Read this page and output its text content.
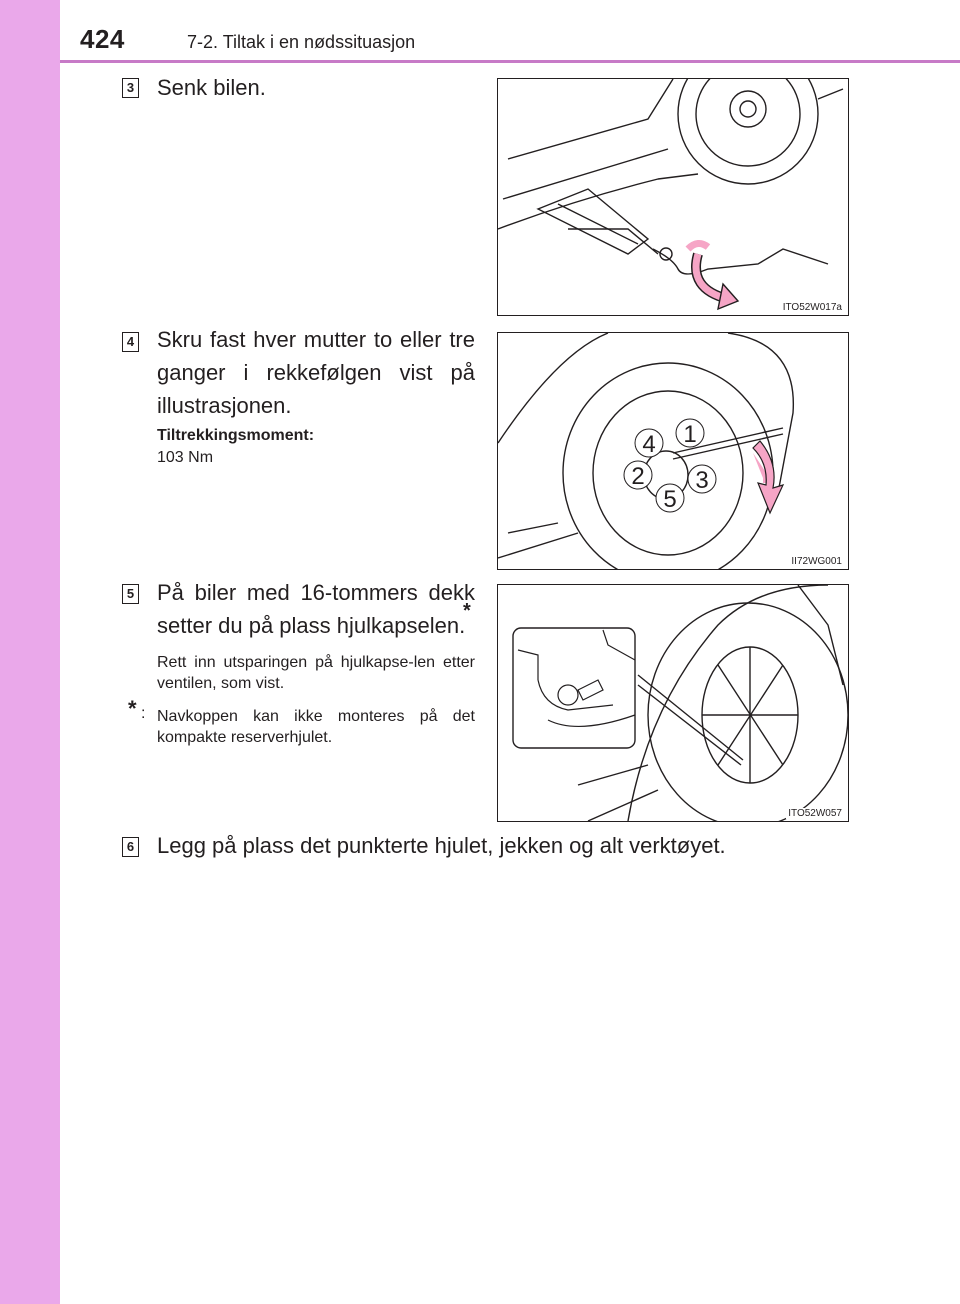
424	7-2. Tiltak i en nødssituasjon
3 Senk bilen.
ITO52W017a
4 Skru fast hver mutter to eller tre ganger i rekkefølgen vist på illustrasjonen.
Tiltrekkingsmoment:
103 Nm
1
2 3
4
5
II72WG001
5 På biler med 16-tommers dekk setter du på plass hjulkapselen.
*
Rett inn utsparingen på hjulkapse-len etter ventilen, som vist.
* : Navkoppen kan ikke monteres på det kompakte reserverhjulet.
ITO52W057
6 Legg på plass det punkterte hjulet, jekken og alt verktøyet.
carmanualsonline.info
